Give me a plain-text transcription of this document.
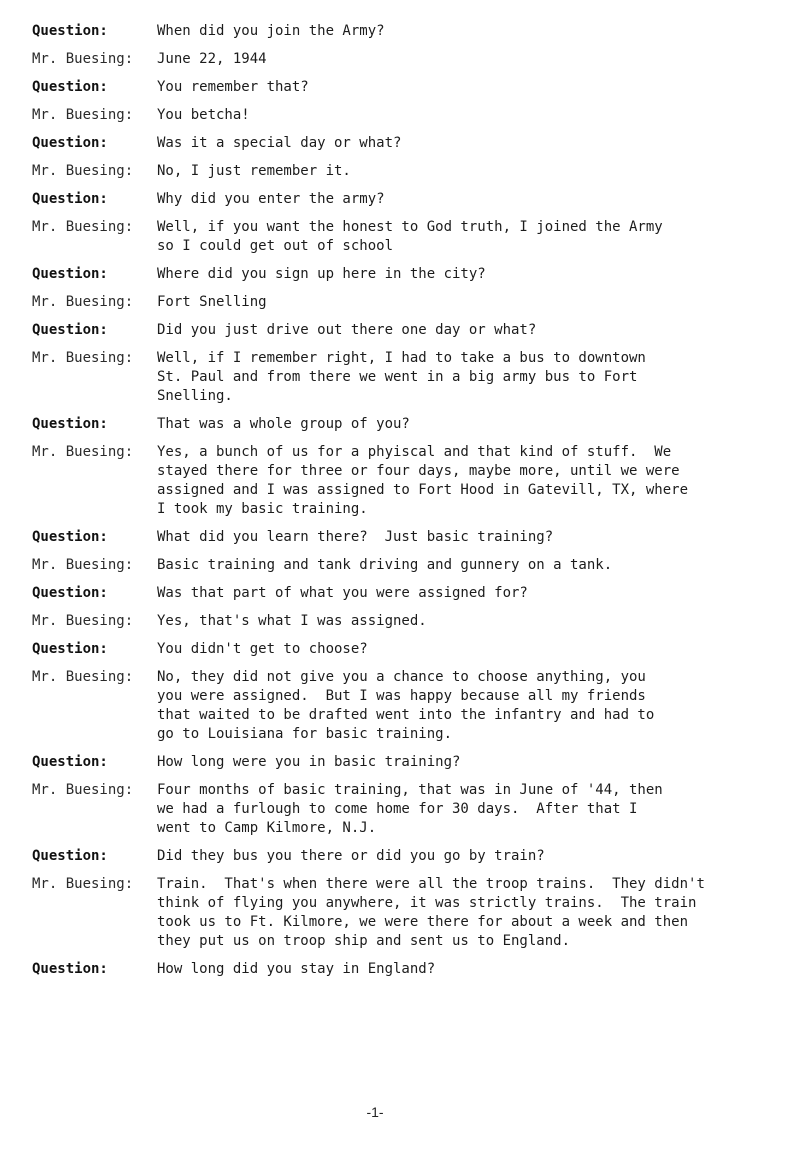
Question:	When did you join the Army?
Mr. Buesing:	June 22, 1944
Question:	You remember that?
Mr. Buesing:	You betcha!
Question:	Was it a special day or what?
Mr. Buesing:	No, I just remember it.
Question:	Why did you enter the army?
Mr. Buesing:	Well, if you want the honest to God truth, I joined the Army
so I could get out of school
Question:	Where did you sign up here in the city?
Mr. Buesing:	Fort Snelling
Question:	Did you just drive out there one day or what?
Mr. Buesing:	Well, if I remember right, I had to take a bus to downtown
St. Paul and from there we went in a big army bus to Fort
Snelling.
Question:	That was a whole group of you?
Mr. Buesing:	Yes, a bunch of us for a phyiscal and that kind of stuff.  We
stayed there for three or four days, maybe more, until we were
assigned and I was assigned to Fort Hood in Gatevill, TX, where
I took my basic training.
Question:	What did you learn there?  Just basic training?
Mr. Buesing:	Basic training and tank driving and gunnery on a tank.
Question:	Was that part of what you were assigned for?
Mr. Buesing:	Yes, that's what I was assigned.
Question:	You didn't get to choose?
Mr. Buesing:	No, they did not give you a chance to choose anything, you
you were assigned.  But I was happy because all my friends
that waited to be drafted went into the infantry and had to
go to Louisiana for basic training.
Question:	How long were you in basic training?
Mr. Buesing:	Four months of basic training, that was in June of '44, then
we had a furlough to come home for 30 days.  After that I
went to Camp Kilmore, N.J.
Question:	Did they bus you there or did you go by train?
Mr. Buesing:	Train.  That's when there were all the troop trains.  They didn't
think of flying you anywhere, it was strictly trains.  The train
took us to Ft. Kilmore, we were there for about a week and then
they put us on troop ship and sent us to England.
Question:	How long did you stay in England?
-1-
